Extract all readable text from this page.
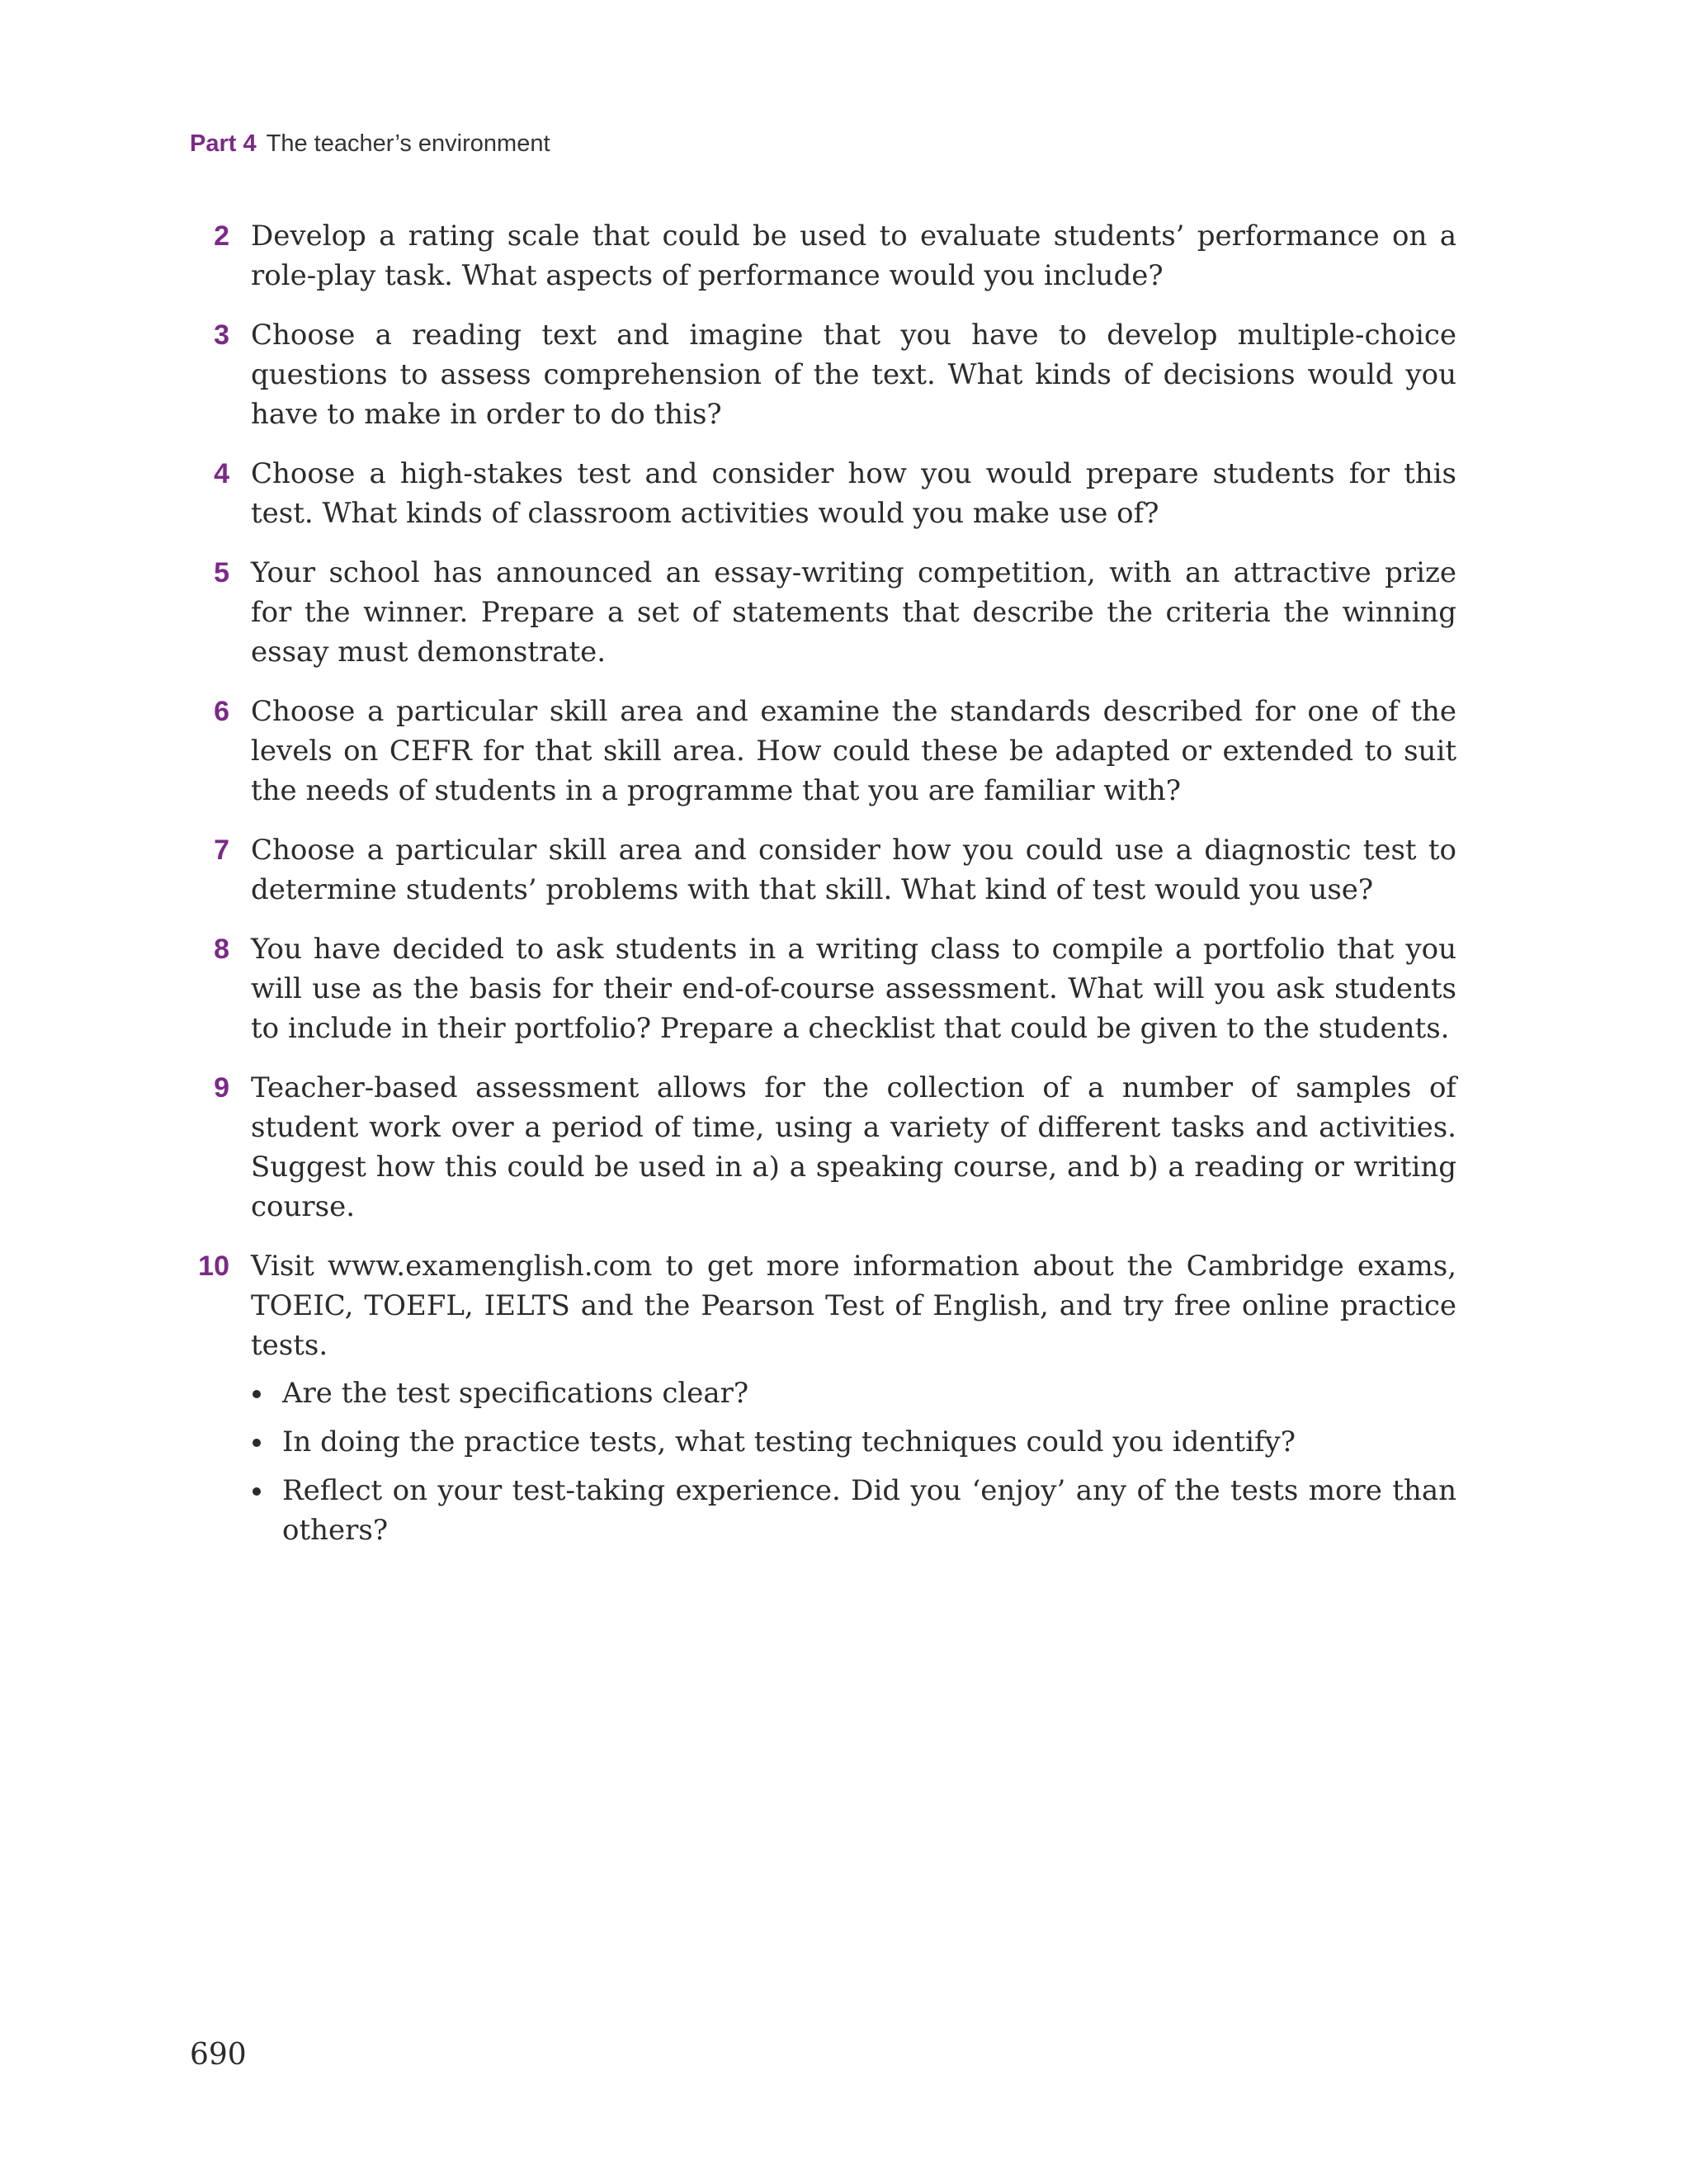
Part 4 The teacher’s environment
2 Develop a rating scale that could be used to evaluate students’ performance on a role-play task. What aspects of performance would you include?
3 Choose a reading text and imagine that you have to develop multiple-choice questions to assess comprehension of the text. What kinds of decisions would you have to make in order to do this?
4 Choose a high-stakes test and consider how you would prepare students for this test. What kinds of classroom activities would you make use of?
5 Your school has announced an essay-writing competition, with an attractive prize for the winner. Prepare a set of statements that describe the criteria the winning essay must demonstrate.
6 Choose a particular skill area and examine the standards described for one of the levels on CEFR for that skill area. How could these be adapted or extended to suit the needs of students in a programme that you are familiar with?
7 Choose a particular skill area and consider how you could use a diagnostic test to determine students’ problems with that skill. What kind of test would you use?
8 You have decided to ask students in a writing class to compile a portfolio that you will use as the basis for their end-of-course assessment. What will you ask students to include in their portfolio? Prepare a checklist that could be given to the students.
9 Teacher-based assessment allows for the collection of a number of samples of student work over a period of time, using a variety of different tasks and activities. Suggest how this could be used in a) a speaking course, and b) a reading or writing course.
10 Visit www.examenglish.com to get more information about the Cambridge exams, TOEIC, TOEFL, IELTS and the Pearson Test of English, and try free online practice tests.
Are the test specifications clear?
In doing the practice tests, what testing techniques could you identify?
Reflect on your test-taking experience. Did you ‘enjoy’ any of the tests more than others?
690
